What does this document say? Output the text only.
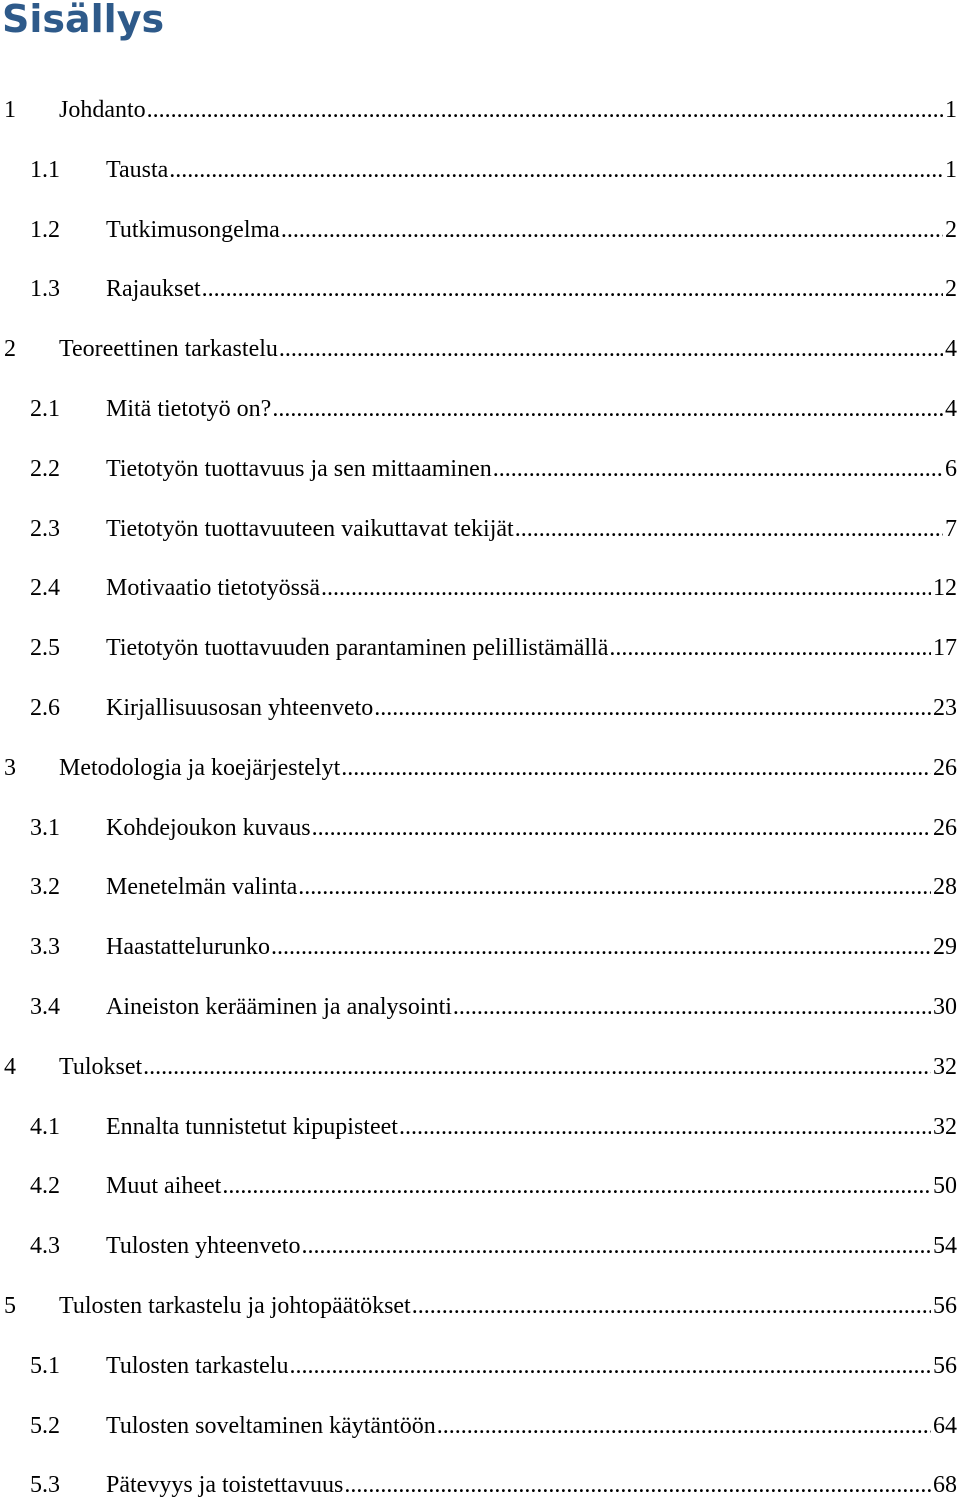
Sisällys
1	Johdanto .....	1
1.1	Tausta .....	1
1.2	Tutkimusongelma .....	2
1.3	Rajaukset .....	2
2	Teoreettinen tarkastelu .....	4
2.1	Mitä tietotyö on? .....	4
2.2	Tietotyön tuottavuus ja sen mittaaminen .....	6
2.3	Tietotyön tuottavuuteen vaikuttavat tekijät .....	7
2.4	Motivaatio tietotyössä .....	12
2.5	Tietotyön tuottavuuden parantaminen pelillistämällä .....	17
2.6	Kirjallisuusosan yhteenveto .....	23
3	Metodologia ja koejärjestelyt .....	26
3.1	Kohdejoukon kuvaus .....	26
3.2	Menetelmän valinta .....	28
3.3	Haastattelurunko .....	29
3.4	Aineiston kerääminen ja analysointi .....	30
4	Tulokset .....	32
4.1	Ennalta tunnistetut kipupisteet .....	32
4.2	Muut aiheet .....	50
4.3	Tulosten yhteenveto .....	54
5	Tulosten tarkastelu ja johtopäätökset .....	56
5.1	Tulosten tarkastelu .....	56
5.2	Tulosten soveltaminen käytäntöön .....	64
5.3	Pätevyys ja toistettavuus .....	68
